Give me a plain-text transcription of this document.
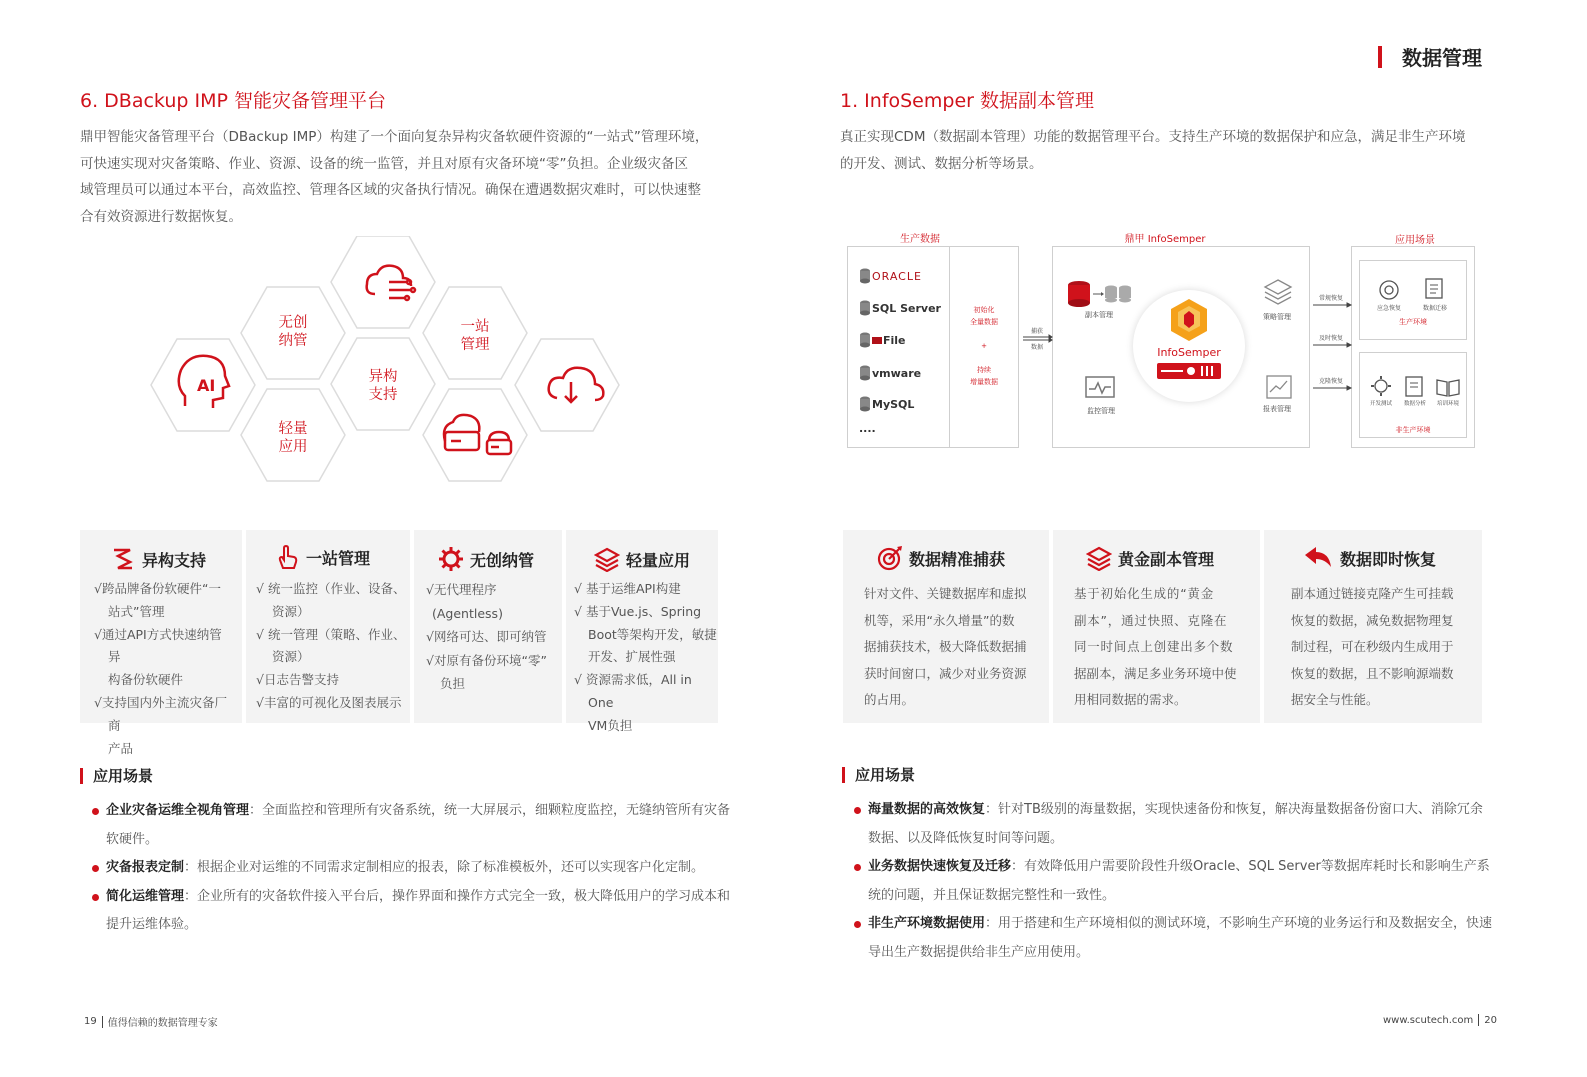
数据管理
6. DBackup IMP 智能灾备管理平台
鼎甲智能灾备管理平台（DBackup IMP）构建了一个面向复杂异构灾备软硬件资源的“一站式”管理环境，
可快速实现对灾备策略、作业、资源、设备的统一监管，并且对原有灾备环境“零”负担。企业级灾备区
域管理员可以通过本平台，高效监控、管理各区域的灾备执行情况。确保在遭遇数据灾难时，可以快速整
合有效资源进行数据恢复。
AI
无创
纳管
一站
管理
异构
支持
轻量
应用
异构支持
√跨品牌备份软硬件“一
站式”管理
√通过API方式快速纳管异
构备份软硬件
√支持国内外主流灾备厂商
产品
一站管理
√ 统一监控（作业、设备、
资源）
√ 统一管理（策略、作业、
资源）
√日志告警支持
√丰富的可视化及图表展示
无创纳管
√无代理程序
(Agentless)
√网络可达、即可纳管
√对原有备份环境“零”
负担
轻量应用
√ 基于运维API构建
√ 基于Vue.js、Spring
Boot等架构开发，敏捷
开发、扩展性强
√ 资源需求低，All in One
VM负担
应用场景
企业灾备运维全视角管理：全面监控和管理所有灾备系统，统一大屏展示，细颗粒度监控，无缝纳管所有灾备
软硬件。
灾备报表定制：根据企业对运维的不同需求定制相应的报表，除了标准模板外，还可以实现客户化定制。
简化运维管理：企业所有的灾备软件接入平台后，操作界面和操作方式完全一致，极大降低用户的学习成本和
提升运维体验。
19 值得信赖的数据管理专家
1. InfoSemper 数据副本管理
真正实现CDM（数据副本管理）功能的数据管理平台。支持生产环境的数据保护和应急，满足非生产环境
的开发、测试、数据分析等场景。
生产数据	鼎甲 InfoSemper	应用场景
ORACLE
SQL Server
File
vmware
MySQL
....
初始化
全量数据
+
持续
增量数据
捕获
数据
副本管理
监控管理
策略管理
报表管理
InfoSemper
常规恢复
及时恢复
克隆恢复
应急恢复	数据迁移
生产环境
开发测试	数据分析	培训环境
非生产环境
数据精准捕获
针对文件、关键数据库和虚拟
机等，采用“永久增量”的数
据捕获技术，极大降低数据捕
获时间窗口，减少对业务资源
的占用。
黄金副本管理
基 于 初 始 化 生 成 的 “ 黄 金
副 本 ” ， 通 过 快 照 、 克 隆 在
同 一 时 间 点 上 创 建 出 多 个 数
据副本，满足多业务环境中使
用相同数据的需求。
数据即时恢复
副本通过链接克隆产生可挂载
恢复的数据，减免数据物理复
制过程，可在秒级内生成用于
恢复的数据，且不影响源端数
据安全与性能。
应用场景
海量数据的高效恢复：针对TB级别的海量数据，实现快速备份和恢复，解决海量数据备份窗口大、消除冗余
数据、以及降低恢复时间等问题。
业务数据快速恢复及迁移：有效降低用户需要阶段性升级Oracle、SQL Server等数据库耗时长和影响生产系
统的问题，并且保证数据完整性和一致性。
非生产环境数据使用：用于搭建和生产环境相似的测试环境，不影响生产环境的业务运行和及数据安全，快速
导出生产数据提供给非生产应用使用。
www.scutech.com 20
